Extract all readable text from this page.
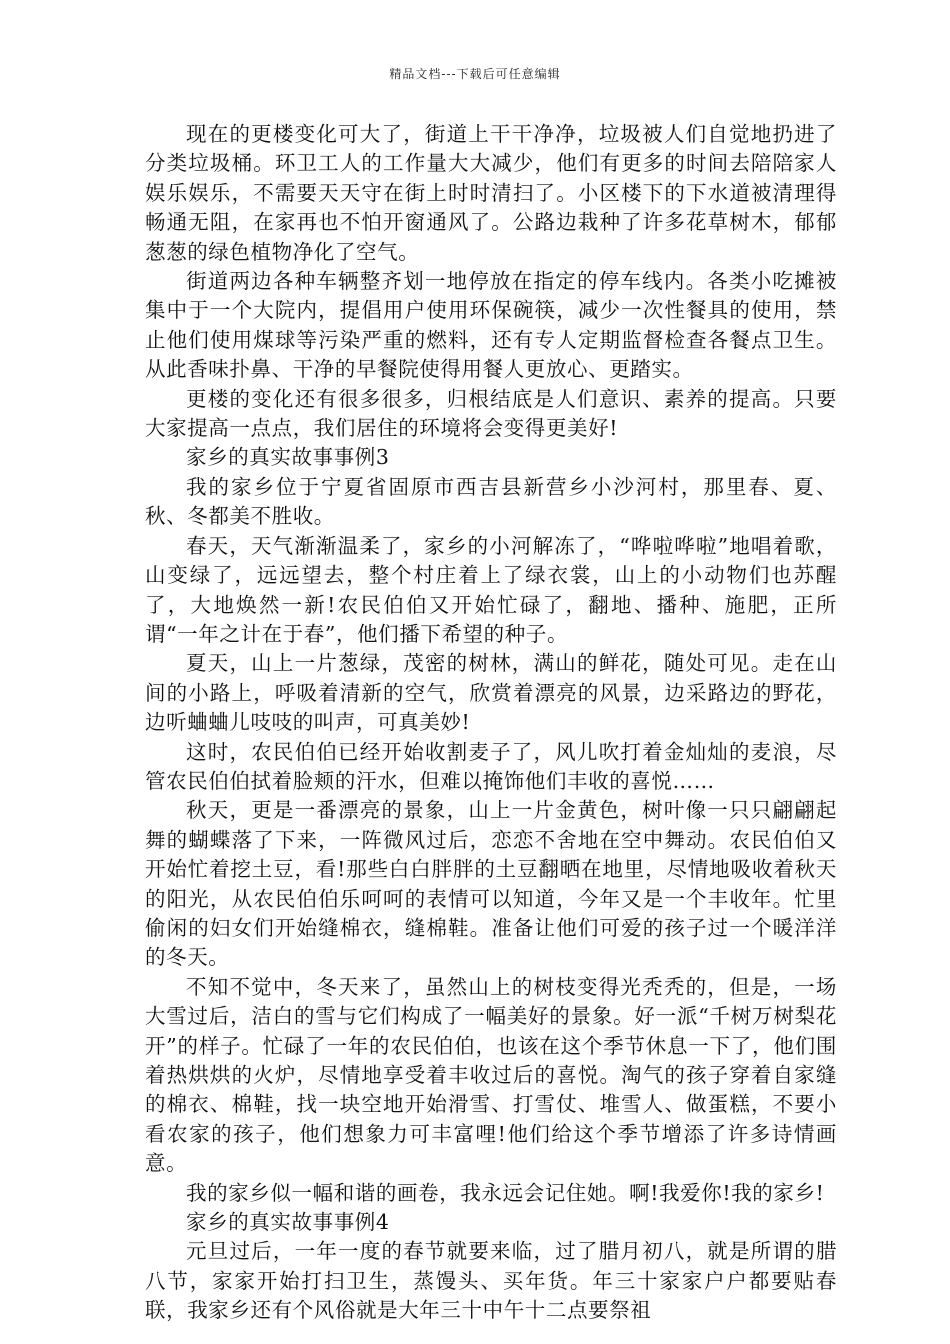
精品文档---下载后可任意编辑

现在的更楼变化可大了，街道上干干净净，垃圾被人们自觉地扔进了分类垃圾桶。环卫工人的工作量大大减少，他们有更多的时间去陪陪家人娱乐娱乐，不需要天天守在街上时时清扫了。小区楼下的下水道被清理得畅通无阻，在家再也不怕开窗通风了。公路边栽种了许多花草树木，郁郁葱葱的绿色植物净化了空气。

街道两边各种车辆整齐划一地停放在指定的停车线内。各类小吃摊被集中于一个大院内，提倡用户使用环保碗筷，减少一次性餐具的使用，禁止他们使用煤球等污染严重的燃料，还有专人定期监督检查各餐点卫生。从此香味扑鼻、干净的早餐院使得用餐人更放心、更踏实。

更楼的变化还有很多很多，归根结底是人们意识、素养的提高。只要大家提高一点点，我们居住的环境将会变得更美好!

家乡的真实故事事例3

我的家乡位于宁夏省固原市西吉县新营乡小沙河村，那里春、夏、秋、冬都美不胜收。

春天，天气渐渐温柔了，家乡的小河解冻了，“哗啦哗啦”地唱着歌，山变绿了，远远望去，整个村庄着上了绿衣裳，山上的小动物们也苏醒了，大地焕然一新!农民伯伯又开始忙碌了，翻地、播种、施肥，正所谓“一年之计在于春”，他们播下希望的种子。

夏天，山上一片葱绿，茂密的树林，满山的鲜花，随处可见。走在山间的小路上，呼吸着清新的空气，欣赏着漂亮的风景，边采路边的野花，边听蛐蛐儿吱吱的叫声，可真美妙!

这时，农民伯伯已经开始收割麦子了，风儿吹打着金灿灿的麦浪，尽管农民伯伯拭着脸颊的汗水，但难以掩饰他们丰收的喜悦……

秋天，更是一番漂亮的景象，山上一片金黄色，树叶像一只只翩翩起舞的蝴蝶落了下来，一阵微风过后，恋恋不舍地在空中舞动。农民伯伯又开始忙着挖土豆，看!那些白白胖胖的土豆翻晒在地里，尽情地吸收着秋天的阳光，从农民伯伯乐呵呵的表情可以知道，今年又是一个丰收年。忙里偷闲的妇女们开始缝棉衣，缝棉鞋。准备让他们可爱的孩子过一个暖洋洋的冬天。

不知不觉中，冬天来了，虽然山上的树枝变得光秃秃的，但是，一场大雪过后，洁白的雪与它们构成了一幅美好的景象。好一派“千树万树梨花开”的样子。忙碌了一年的农民伯伯，也该在这个季节休息一下了，他们围着热烘烘的火炉，尽情地享受着丰收过后的喜悦。淘气的孩子穿着自家缝的棉衣、棉鞋，找一块空地开始滑雪、打雪仗、堆雪人、做蛋糕，不要小看农家的孩子，他们想象力可丰富哩!他们给这个季节增添了许多诗情画意。

我的家乡似一幅和谐的画卷，我永远会记住她。啊!我爱你!我的家乡!

家乡的真实故事事例4

元旦过后，一年一度的春节就要来临，过了腊月初八，就是所谓的腊八节，家家开始打扫卫生，蒸馒头、买年货。年三十家家户户都要贴春联，我家乡还有个风俗就是大年三十中午十二点要祭祖
